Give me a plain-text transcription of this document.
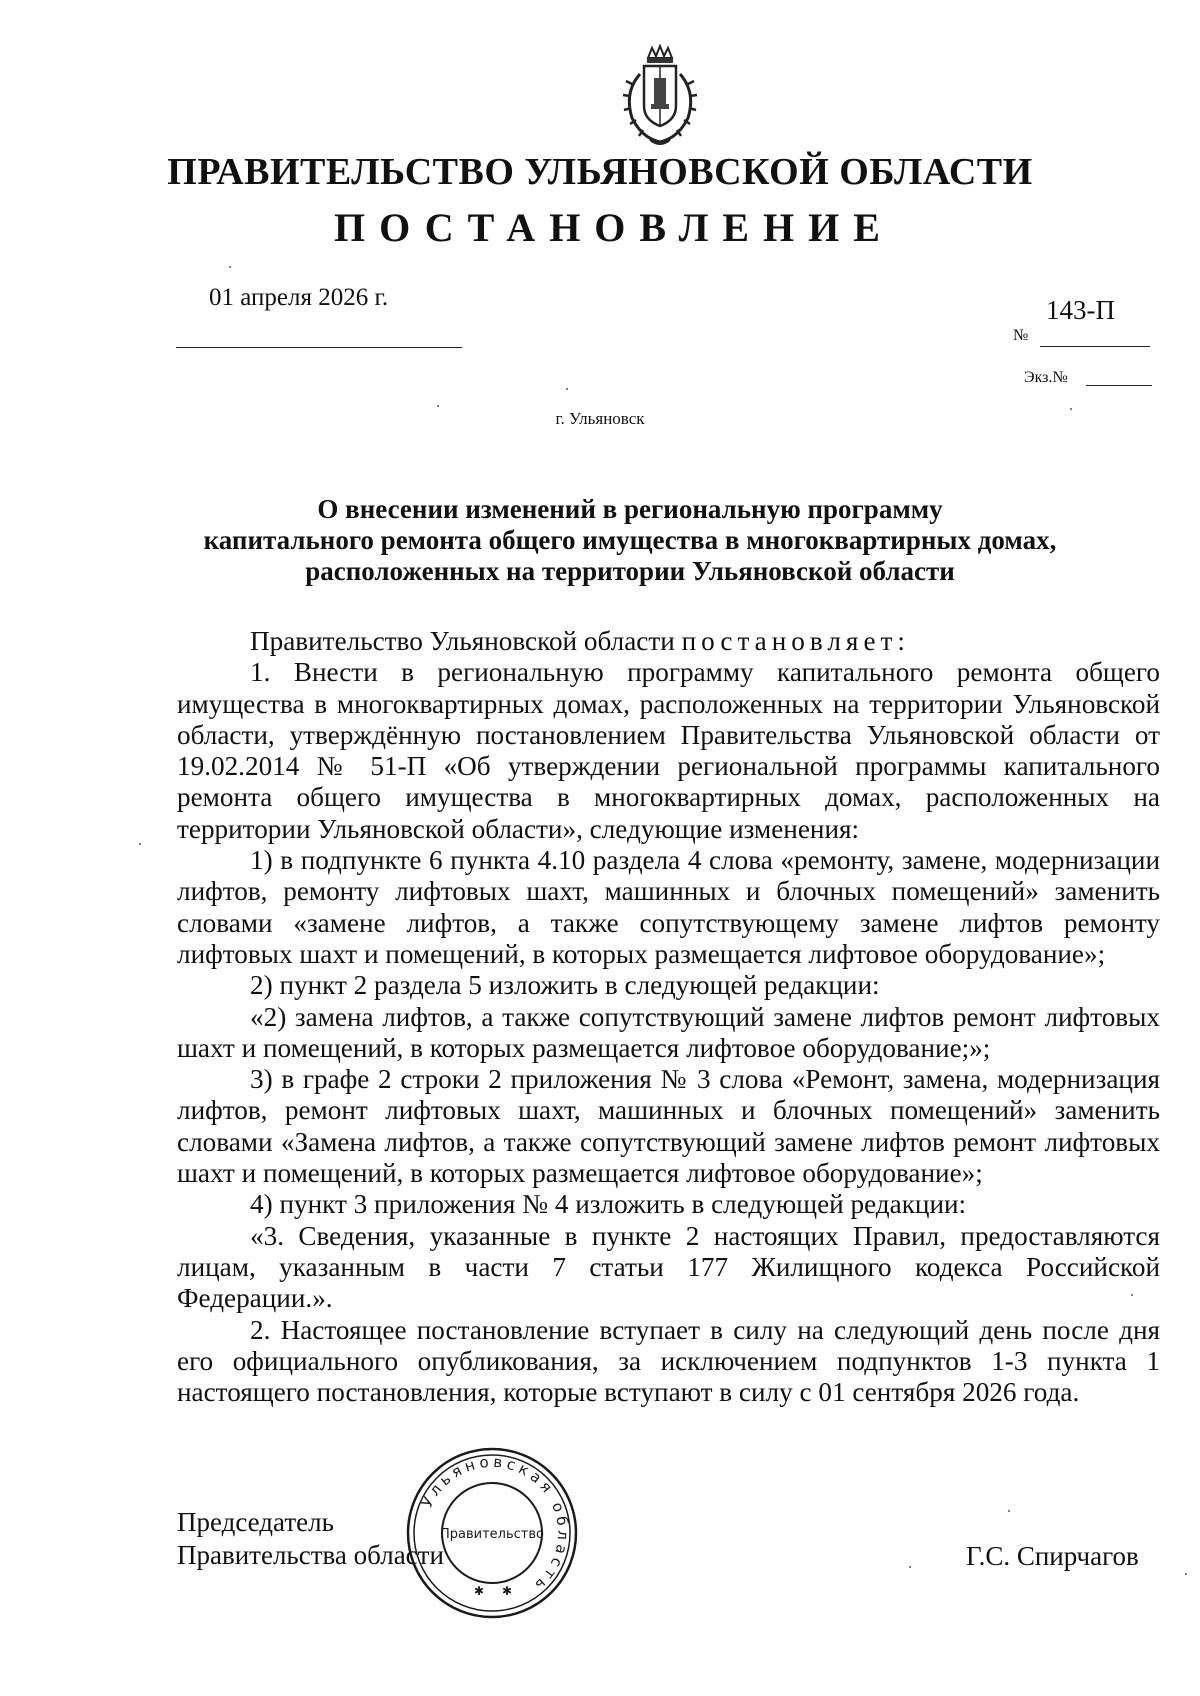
ПРАВИТЕЛЬСТВО УЛЬЯНОВСКОЙ ОБЛАСТИ
ПОСТАНОВЛЕНИЕ
01 апреля 2026 г.	143-П
№
Экз.№
г. Ульяновск
О внесении изменений в региональную программу
капитального ремонта общего имущества в многоквартирных домах,
расположенных на территории Ульяновской области

Правительство Ульяновской области постановляет:

1. Внести в региональную программу капитального ремонта общего имущества в многоквартирных домах, расположенных на территории Ульяновской области, утверждённую постановлением Правительства Ульяновской области от 19.02.2014 № 51-П «Об утверждении региональной программы капитального ремонта общего имущества в многоквартирных домах, расположенных на территории Ульяновской области», следующие изменения:

1) в подпункте 6 пункта 4.10 раздела 4 слова «ремонту, замене, модернизации лифтов, ремонту лифтовых шахт, машинных и блочных помещений» заменить словами «замене лифтов, а также сопутствующему замене лифтов ремонту лифтовых шахт и помещений, в которых размещается лифтовое оборудование»;

2) пункт 2 раздела 5 изложить в следующей редакции:

«2) замена лифтов, а также сопутствующий замене лифтов ремонт лифтовых шахт и помещений, в которых размещается лифтовое оборудование;»;

3) в графе 2 строки 2 приложения № 3 слова «Ремонт, замена, модернизация лифтов, ремонт лифтовых шахт, машинных и блочных помещений» заменить словами «Замена лифтов, а также сопутствующий замене лифтов ремонт лифтовых шахт и помещений, в которых размещается лифтовое оборудование»;

4) пункт 3 приложения № 4 изложить в следующей редакции:

«3. Сведения, указанные в пункте 2 настоящих Правил, предоставляются лицам, указанным в части 7 статьи 177 Жилищного кодекса Российской Федерации.».

2. Настоящее постановление вступает в силу на следующий день после дня его официального опубликования, за исключением подпунктов 1-3 пункта 1 настоящего постановления, которые вступают в силу с 01 сентября 2026 года.

Председатель
Правительства области	Г.С. Спирчагов
Ульяновская область
Правительство
✱ ✱
